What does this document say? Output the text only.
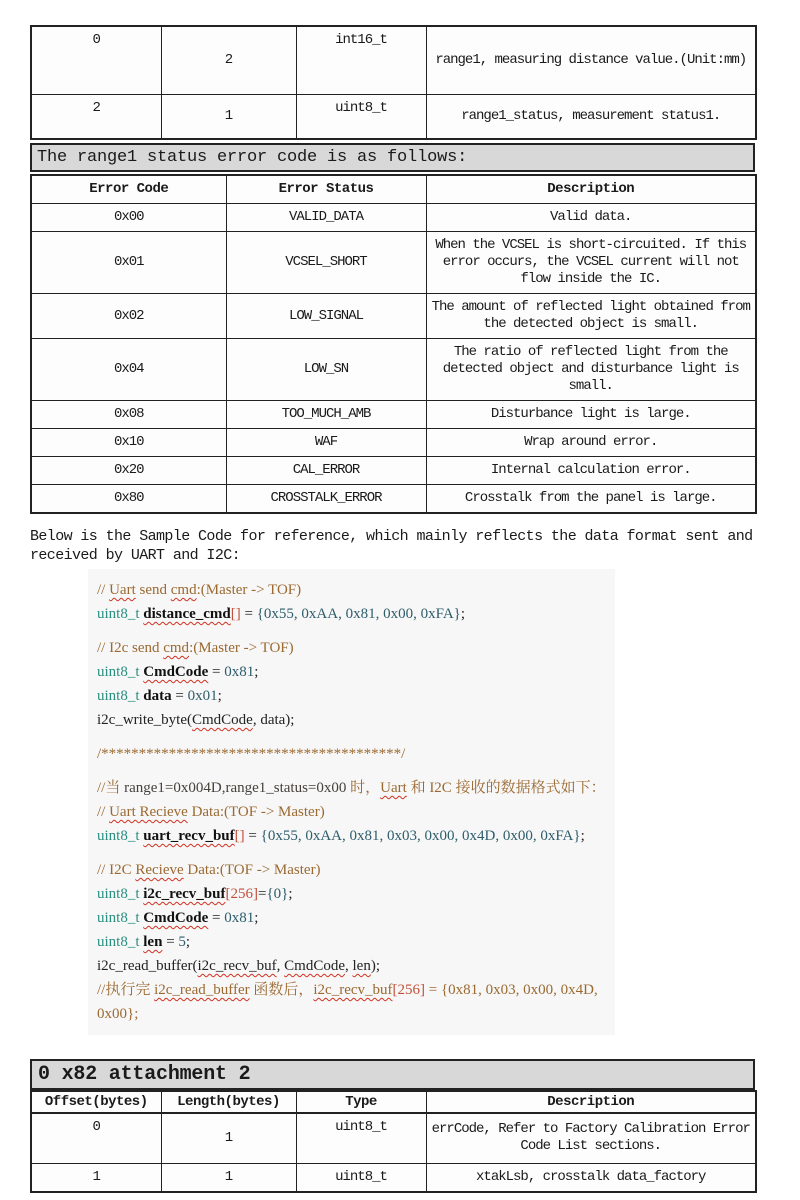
0	2	int16_t	range1, measuring distance value.(Unit:mm)
2	1	uint8_t	range1_status, measurement status1.
The range1 status error code is as follows:
Error Code	Error Status	Description
0x00	VALID_DATA	Valid data.
0x01	VCSEL_SHORT	When the VCSEL is short-circuited. If this error occurs, the VCSEL current will not flow inside the IC.
0x02	LOW_SIGNAL	The amount of reflected light obtained from the detected object is small.
0x04	LOW_SN	The ratio of reflected light from the detected object and disturbance light is small.
0x08	TOO_MUCH_AMB	Disturbance light is large.
0x10	WAF	Wrap around error.
0x20	CAL_ERROR	Internal calculation error.
0x80	CROSSTALK_ERROR	Crosstalk from the panel is large.

Below is the Sample Code for reference, which mainly reflects the data format sent and received by UART and I2C:

// Uart send cmd:(Master -> TOF)
uint8_t distance_cmd[] = {0x55, 0xAA, 0x81, 0x00, 0xFA};
// I2c send cmd:(Master -> TOF)
uint8_t CmdCode = 0x81;
uint8_t data = 0x01;
i2c_write_byte(CmdCode, data);
/****************************************/
//当 range1=0x004D,range1_status=0x00 时，Uart 和 I2C 接收的数据格式如下：
// Uart Recieve Data:(TOF -> Master)
uint8_t uart_recv_buf[] = {0x55, 0xAA, 0x81, 0x03, 0x00, 0x4D, 0x00, 0xFA};
// I2C Recieve Data:(TOF -> Master)
uint8_t i2c_recv_buf[256]={0};
uint8_t CmdCode = 0x81;
uint8_t len = 5;
i2c_read_buffer(i2c_recv_buf, CmdCode, len);
//执行完 i2c_read_buffer 函数后，i2c_recv_buf[256] = {0x81, 0x03, 0x00, 0x4D, 0x00};
0 x82 attachment 2
Offset(bytes)	Length(bytes)	Type	Description
0	1	uint8_t	errCode, Refer to Factory Calibration Error Code List sections.
1	1	uint8_t	xtakLsb, crosstalk data_factory
